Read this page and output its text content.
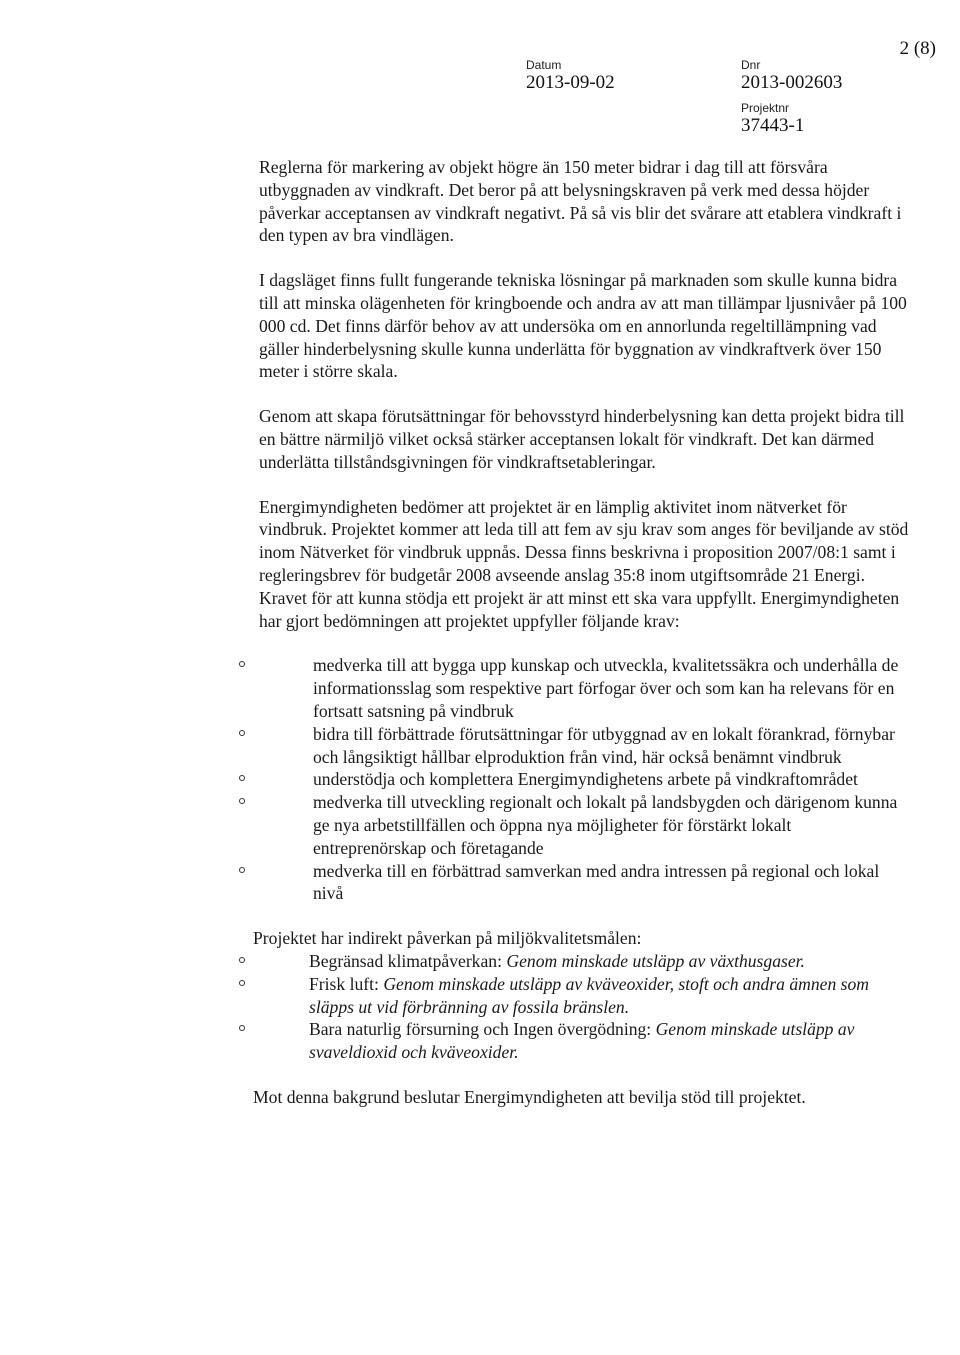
Datum
2013-09-02
Dnr
2013-002603
Projektnr
37443-1
2 (8)

Reglerna för markering av objekt högre än 150 meter bidrar i dag till att försvåra utbyggnaden av vindkraft. Det beror på att belysningskraven på verk med dessa höjder påverkar acceptansen av vindkraft negativt. På så vis blir det svårare att etablera vindkraft i den typen av bra vindlägen.

I dagsläget finns fullt fungerande tekniska lösningar på marknaden som skulle kunna bidra till att minska olägenheten för kringboende och andra av att man tillämpar ljusnivåer på 100 000 cd. Det finns därför behov av att undersöka om en annorlunda regeltillämpning vad gäller hinderbelysning skulle kunna underlätta för byggnation av vindkraftverk över 150 meter i större skala.

Genom att skapa förutsättningar för behovsstyrd hinderbelysning kan detta projekt bidra till en bättre närmiljö vilket också stärker acceptansen lokalt för vindkraft. Det kan därmed underlätta tillståndsgivningen för vindkraftsetableringar.

Energimyndigheten bedömer att projektet är en lämplig aktivitet inom nätverket för vindbruk. Projektet kommer att leda till att fem av sju krav som anges för beviljande av stöd inom Nätverket för vindbruk uppnås. Dessa finns beskrivna i proposition 2007/08:1 samt i regleringsbrev för budgetår 2008 avseende anslag 35:8 inom utgiftsområde 21 Energi. Kravet för att kunna stödja ett projekt är att minst ett ska vara uppfyllt. Energimyndigheten har gjort bedömningen att projektet uppfyller följande krav:

medverka till att bygga upp kunskap och utveckla, kvalitetssäkra och underhålla de informationsslag som respektive part förfogar över och som kan ha relevans för en fortsatt satsning på vindbruk
bidra till förbättrade förutsättningar för utbyggnad av en lokalt förankrad, förnybar och långsiktigt hållbar elproduktion från vind, här också benämnt vindbruk
understödja och komplettera Energimyndighetens arbete på vindkraftområdet
medverka till utveckling regionalt och lokalt på landsbygden och därigenom kunna ge nya arbetstillfällen och öppna nya möjligheter för förstärkt lokalt entreprenörskap och företagande
medverka till en förbättrad samverkan med andra intressen på regional och lokal nivå

Projektet har indirekt påverkan på miljökvalitetsmålen:

Begränsad klimatpåverkan: Genom minskade utsläpp av växthusgaser.
Frisk luft: Genom minskade utsläpp av kväveoxider, stoft och andra ämnen som släpps ut vid förbränning av fossila bränslen.
Bara naturlig försurning och Ingen övergödning: Genom minskade utsläpp av svaveldioxid och kväveoxider.

Mot denna bakgrund beslutar Energimyndigheten att bevilja stöd till projektet.
